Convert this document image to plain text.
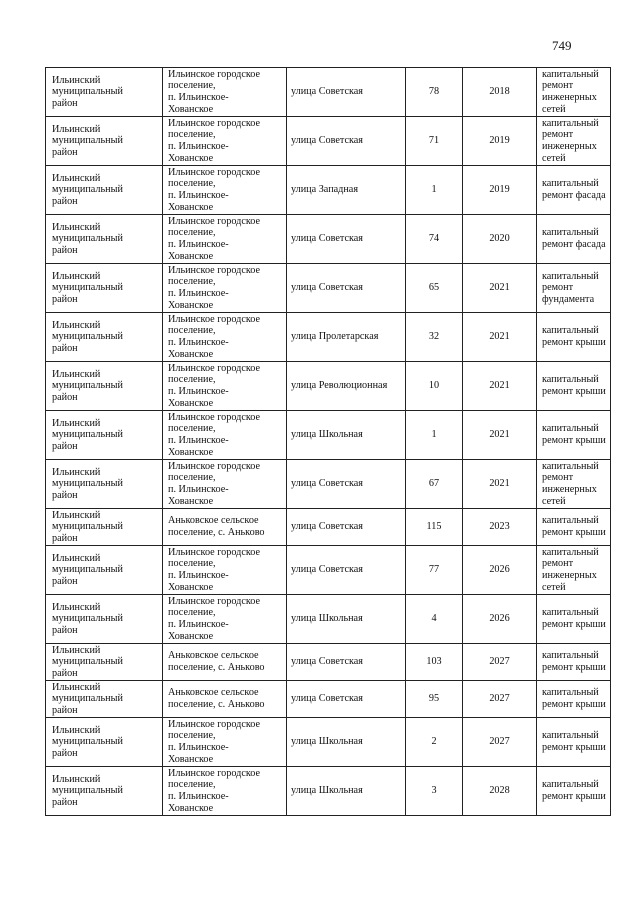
749
Ильинский
муниципальный
район	Ильинское городское
поселение,
п. Ильинское-
Хованское	улица Советская	78	2018	капитальный
ремонт
инженерных
сетей

Ильинский
муниципальный
район	Ильинское городское
поселение,
п. Ильинское-
Хованское	улица Советская	71	2019	капитальный
ремонт
инженерных
сетей

Ильинский
муниципальный
район	Ильинское городское
поселение,
п. Ильинское-
Хованское	улица Западная	1	2019	капитальный
ремонт фасада

Ильинский
муниципальный
район	Ильинское городское
поселение,
п. Ильинское-
Хованское	улица Советская	74	2020	капитальный
ремонт фасада

Ильинский
муниципальный
район	Ильинское городское
поселение,
п. Ильинское-
Хованское	улица Советская	65	2021	капитальный
ремонт
фундамента

Ильинский
муниципальный
район	Ильинское городское
поселение,
п. Ильинское-
Хованское	улица Пролетарская	32	2021	капитальный
ремонт крыши

Ильинский
муниципальный
район	Ильинское городское
поселение,
п. Ильинское-
Хованское	улица Революционная	10	2021	капитальный
ремонт крыши

Ильинский
муниципальный
район	Ильинское городское
поселение,
п. Ильинское-
Хованское	улица Школьная	1	2021	капитальный
ремонт крыши

Ильинский
муниципальный
район	Ильинское городское
поселение,
п. Ильинское-
Хованское	улица Советская	67	2021	капитальный
ремонт
инженерных
сетей

Ильинский
муниципальный
район	Аньковское сельское
поселение, с. Аньково	улица Советская	115	2023	капитальный
ремонт крыши

Ильинский
муниципальный
район	Ильинское городское
поселение,
п. Ильинское-
Хованское	улица Советская	77	2026	капитальный
ремонт
инженерных
сетей

Ильинский
муниципальный
район	Ильинское городское
поселение,
п. Ильинское-
Хованское	улица Школьная	4	2026	капитальный
ремонт крыши

Ильинский
муниципальный
район	Аньковское сельское
поселение, с. Аньково	улица Советская	103	2027	капитальный
ремонт крыши

Ильинский
муниципальный
район	Аньковское сельское
поселение, с. Аньково	улица Советская	95	2027	капитальный
ремонт крыши

Ильинский
муниципальный
район	Ильинское городское
поселение,
п. Ильинское-
Хованское	улица Школьная	2	2027	капитальный
ремонт крыши

Ильинский
муниципальный
район	Ильинское городское
поселение,
п. Ильинское-
Хованское	улица Школьная	3	2028	капитальный
ремонт крыши
